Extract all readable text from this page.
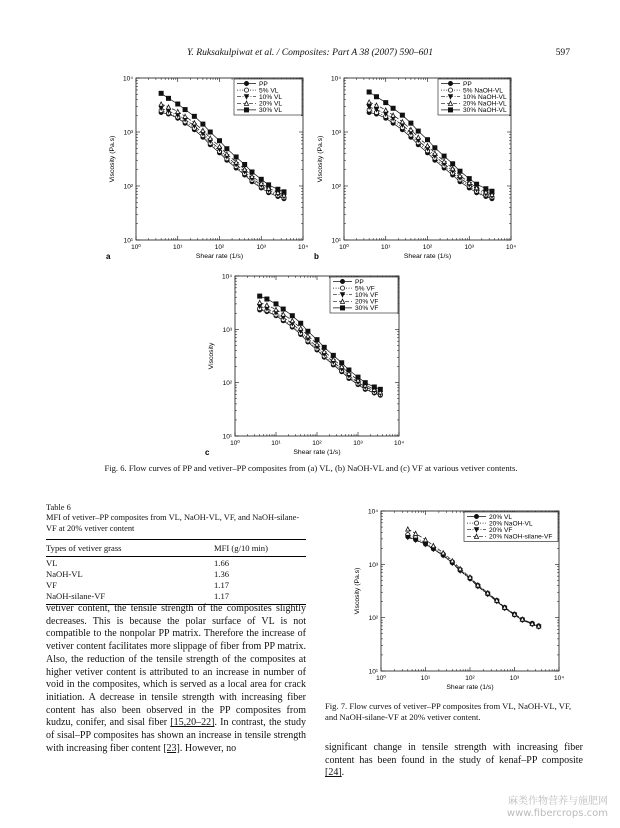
Y. Ruksakulpiwat et al. / Composites: Part A 38 (2007) 590–601	597
10⁰	10¹	10²	10³	10⁴
10¹
10²
10³
10⁴
Shear rate (1/s)
Viscosity (Pa.s)
a
PP
5% VL
10% VL
20% VL
30% VL
10⁰	10¹	10²	10³	10⁴
10¹
10²
10³
10⁴
Shear rate (1/s)
Viscosity (Pa.s)
b
PP
5% NaOH-VL
10% NaOH-VL
20% NaOH-VL
30% NaOH-VL
10⁰	10¹	10²	10³	10⁴
10¹
10²
10³
10⁴
Shear rate (1/s)
Viscosity
c
PP
5% VF
10% VF
20% VF
30% VF
Fig. 6. Flow curves of PP and vetiver–PP composites from (a) VL, (b) NaOH-VL and (c) VF at various vetiver contents.
Table 6
MFI of vetiver–PP composites from VL, NaOH-VL, VF, and NaOH-silane-VF at 20% vetiver content
Types of vetiver grass	MFI (g/10 min)
VL	1.66
NaOH-VL	1.36
VF	1.17
NaOH-silane-VF	1.17
10⁰	10¹	10²	10³	10⁴
10¹
10²
10³
10⁴
Shear rate (1/s)
Viscosity (Pa.s)
20% VL
20% NaOH-VL
20% VF
20% NaOH-silane-VF
Fig. 7. Flow curves of vetiver–PP composites from VL, NaOH-VL, VF, and NaOH-silane-VF at 20% vetiver content.
vetiver content, the tensile strength of the composites slightly decreases. This is because the polar surface of VL is not compatible to the nonpolar PP matrix. Therefore the increase of vetiver content facilitates more slippage of fiber from PP matrix. Also, the reduction of the tensile strength of the composites at higher vetiver content is attributed to an increase in number of void in the composites, which is served as a local area for crack initiation. A decrease in tensile strength with increasing fiber content has also been observed in the PP composites from kudzu, conifer, and sisal fiber [15,20–22]. In contrast, the study of sisal–PP composites has shown an increase in tensile strength with increasing fiber content [23]. However, no	significant change in tensile strength with increasing fiber content has been found in the study of kenaf–PP composite [24].
麻类作物营养与施肥网
www.fibercrops.com
